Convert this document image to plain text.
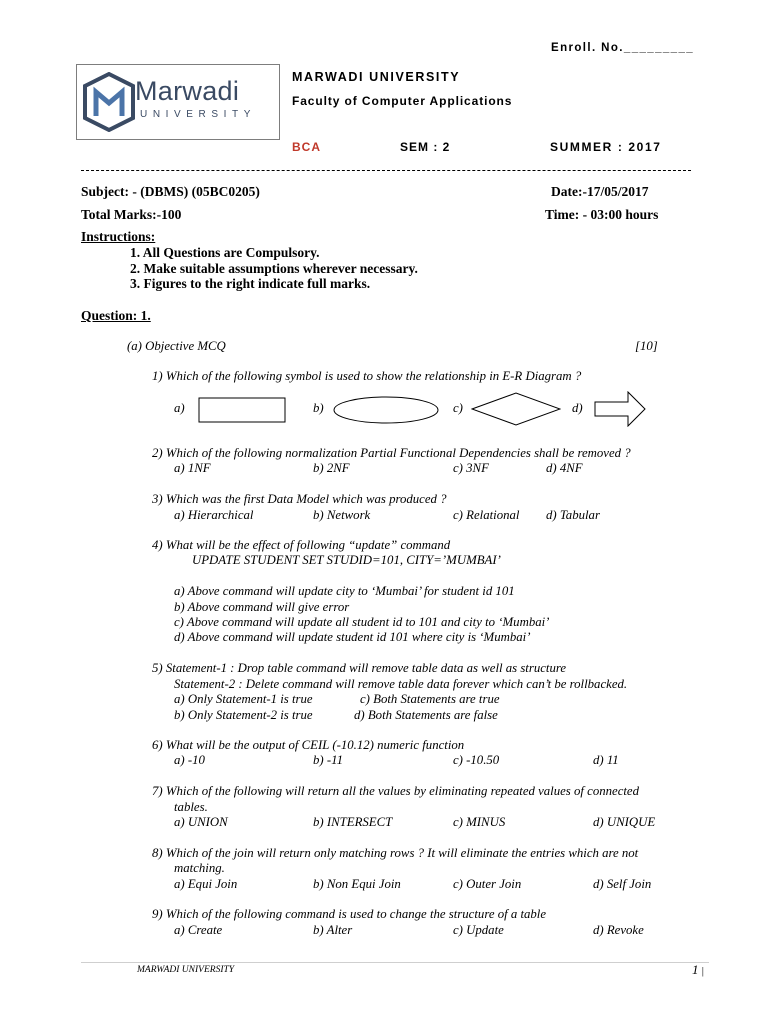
Enroll. No._________
Marwadi
UNIVERSITY
MARWADI UNIVERSITY
Faculty of Computer Applications
BCA	SEM : 2	SUMMER : 2017
Subject: - (DBMS) (05BC0205)	Date:-17/05/2017
Total Marks:-100	Time: - 03:00 hours
Instructions:
1. All Questions are Compulsory.
2. Make suitable assumptions wherever necessary.
3. Figures to the right indicate full marks.
Question: 1.
(a) Objective MCQ	[10]
1) Which of the following symbol is used to show the relationship in E-R Diagram ?
a)	b)	c)	d)
2) Which of the following normalization Partial Functional Dependencies shall be removed ?
a) 1NF	b) 2NF	c) 3NF	d) 4NF
3) Which was the first Data Model which was produced ?
a) Hierarchical	b) Network	c) Relational d) Tabular
4) What will be the effect of following “update” command
UPDATE STUDENT SET STUDID=101, CITY=’MUMBAI’
a) Above command will update city to ‘Mumbai’ for student id 101
b) Above command will give error
c) Above command will update all student id to 101 and city to ‘Mumbai’
d) Above command will update student id 101 where city is ‘Mumbai’
5) Statement-1 : Drop table command will remove table data as well as structure
Statement-2 : Delete command will remove table data forever which can’t be rollbacked.
a) Only Statement-1 is true	c) Both Statements are true
b) Only Statement-2 is true	d) Both Statements are false
6) What will be the output of CEIL (-10.12) numeric function
a) -10	b) -11	c) -10.50	d) 11
7) Which of the following will return all the values by eliminating repeated values of connected
tables.
a) UNION	b) INTERSECT	c) MINUS	d) UNIQUE
8) Which of the join will return only matching rows ? It will eliminate the entries which are not
matching.
a) Equi Join	b) Non Equi Join	c) Outer Join	d) Self Join
9) Which of the following command is used to change the structure of a table
a) Create	b) Alter	c) Update	d) Revoke
MARWADI UNIVERSITY	1 |
